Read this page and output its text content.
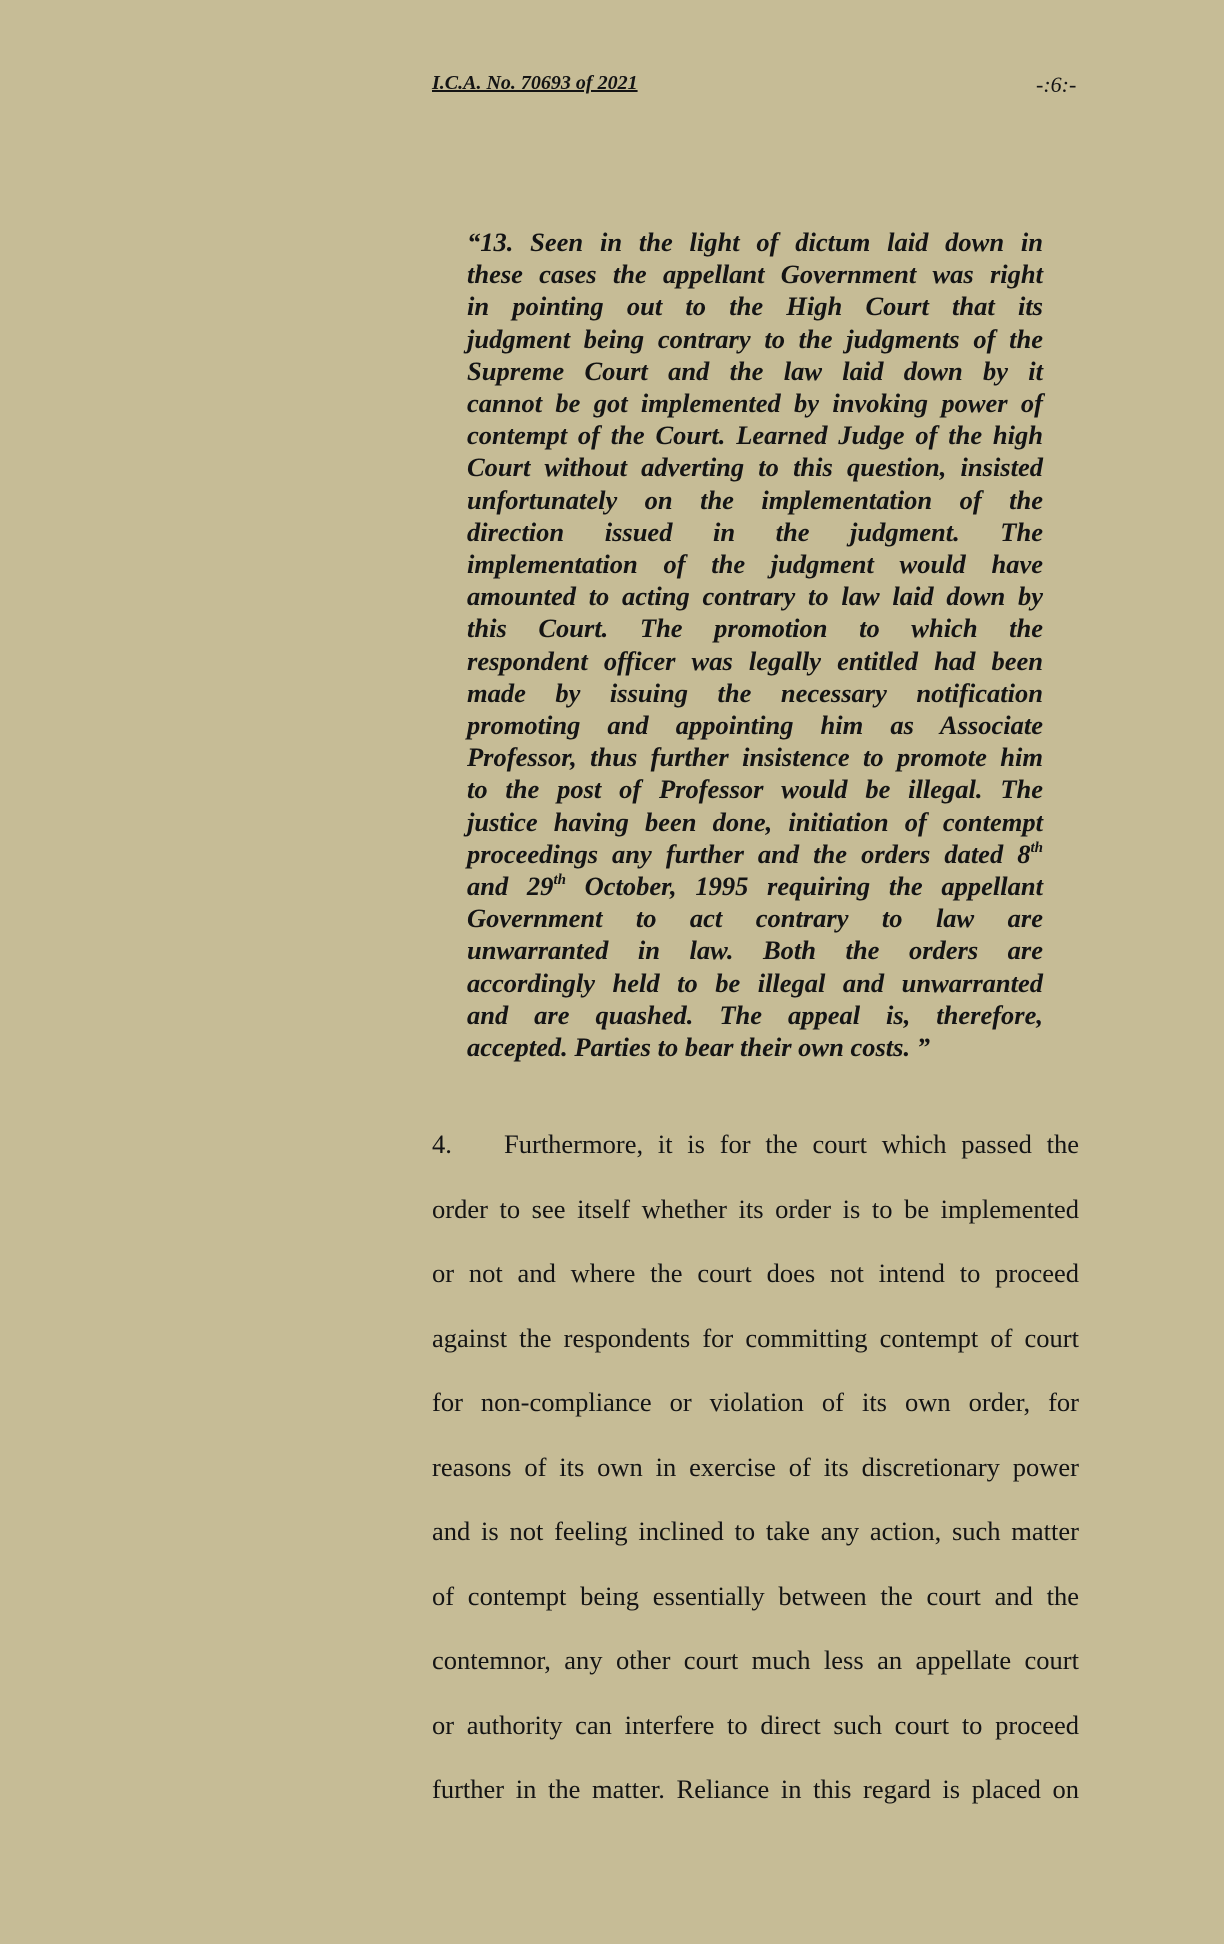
I.C.A. No. 70693 of 2021	-:6:-
“13. Seen in the light of dictum laid down in
these cases the appellant Government was right
in pointing out to the High Court that its
judgment being contrary to the judgments of the
Supreme Court and the law laid down by it
cannot be got implemented by invoking power of
contempt of the Court. Learned Judge of the high
Court without adverting to this question, insisted
unfortunately on the implementation of the
direction issued in the judgment. The
implementation of the judgment would have
amounted to acting contrary to law laid down by
this Court. The promotion to which the
respondent officer was legally entitled had been
made by issuing the necessary notification
promoting and appointing him as Associate
Professor, thus further insistence to promote him
to the post of Professor would be illegal. The
justice having been done, initiation of contempt
proceedings any further and the orders dated 8th
and 29th October, 1995 requiring the appellant
Government to act contrary to law are
unwarranted in law. Both the orders are
accordingly held to be illegal and unwarranted
and are quashed. The appeal is, therefore,
accepted. Parties to bear their own costs. ”
4. Furthermore, it is for the court which passed the
order to see itself whether its order is to be implemented
or not and where the court does not intend to proceed
against the respondents for committing contempt of court
for non-compliance or violation of its own order, for
reasons of its own in exercise of its discretionary power
and is not feeling inclined to take any action, such matter
of contempt being essentially between the court and the
contemnor, any other court much less an appellate court
or authority can interfere to direct such court to proceed
further in the matter. Reliance in this regard is placed on
